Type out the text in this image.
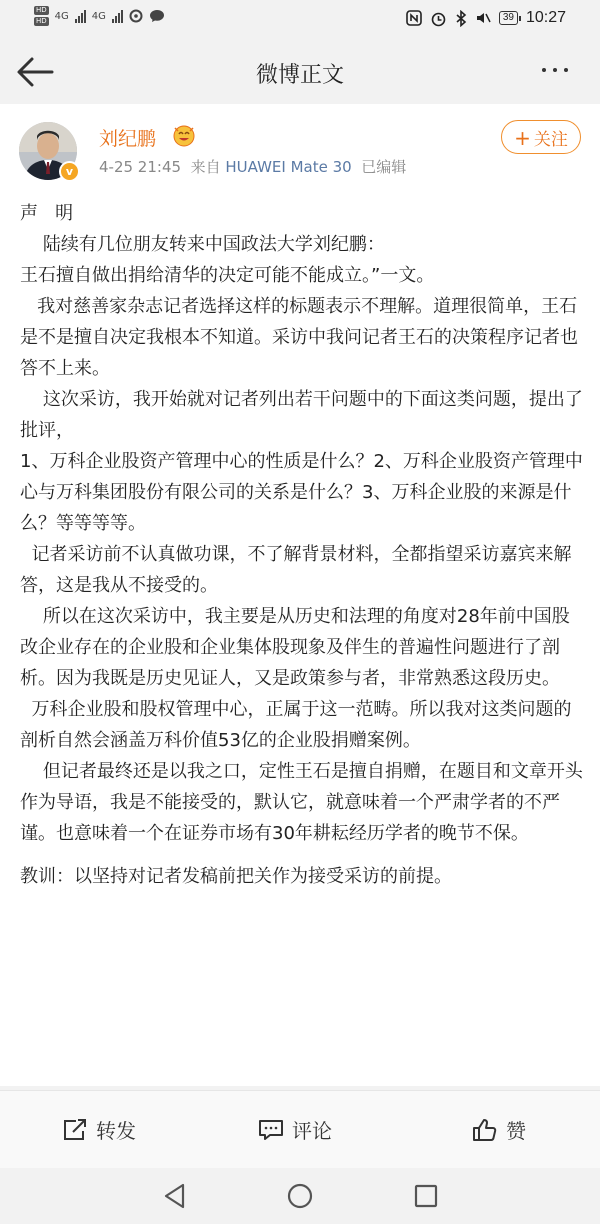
HD
HD 4G 4G	39 10:27
微博正文
v
刘纪鹏
4-25 21:45 来自 HUAWEI Mate 30 已编辑
+ 关注

声   明

陆续有几位朋友转来中国政法大学刘纪鹏：

王石擅自做出捐给清华的决定可能不能成立。”一文。

我对慈善家杂志记者选择这样的标题表示不理解。道理很简单，王石是不是擅自决定我根本不知道。采访中我问记者王石的决策程序记者也答不上来。

这次采访，我开始就对记者列出若干问题中的下面这类问题，提出了批评，

1、万科企业股资产管理中心的性质是什么？2、万科企业股资产管理中心与万科集团股份有限公司的关系是什么？3、万科企业股的来源是什么？等等等等。

记者采访前不认真做功课，不了解背景材料，全都指望采访嘉宾来解答，这是我从不接受的。

所以在这次采访中，我主要是从历史和法理的角度对28年前中国股改企业存在的企业股和企业集体股现象及伴生的普遍性问题进行了剖析。因为我既是历史见证人，又是政策参与者，非常熟悉这段历史。

万科企业股和股权管理中心，正属于这一范畴。所以我对这类问题的剖析自然会涵盖万科价值53亿的企业股捐赠案例。

但记者最终还是以我之口，定性王石是擅自捐赠，在题目和文章开头作为导语，我是不能接受的，默认它，就意味着一个严肃学者的不严谨。也意味着一个在证券市场有30年耕耘经历学者的晚节不保。

教训：以坚持对记者发稿前把关作为接受采访的前提。

转发	评论	赞
